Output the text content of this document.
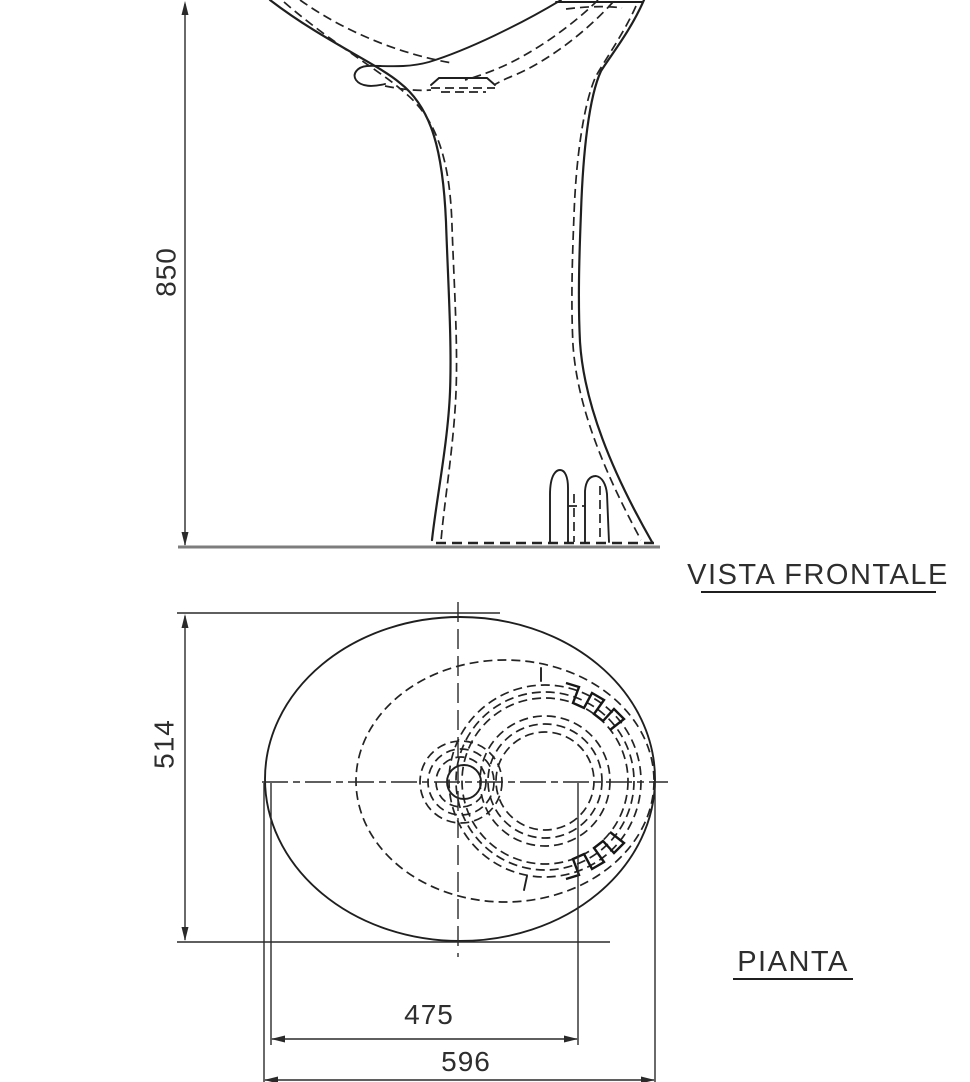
850
VISTA FRONTALE
514
475
596
PIANTA
